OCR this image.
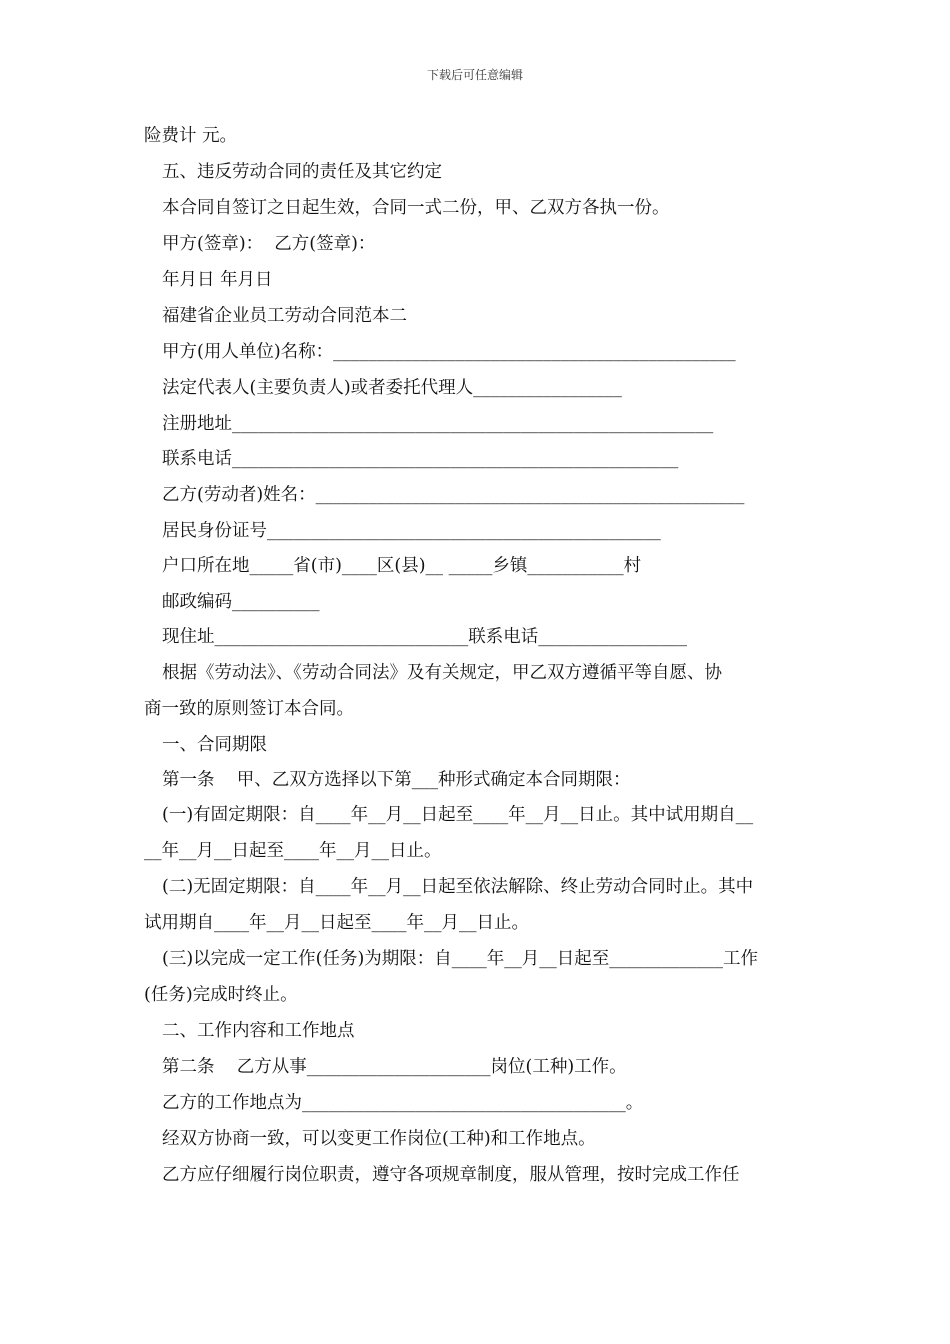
下载后可任意编辑
险费计 元。
五、违反劳动合同的责任及其它约定
本合同自签订之日起生效，合同一式二份，甲、乙双方各执一份。
甲方(签章)：  乙方(签章)：
年月日 年月日
福建省企业员工劳动合同范本二
甲方(用人单位)名称：______________________________________________
法定代表人(主要负责人)或者委托代理人_________________
注册地址_______________________________________________________
联系电话___________________________________________________
乙方(劳动者)姓名：_________________________________________________
居民身份证号_____________________________________________
户口所在地_____省(市)____区(县)__ _____乡镇___________村
邮政编码__________
现住址_____________________________联系电话_________________
根据《劳动法》、《劳动合同法》及有关规定，甲乙双方遵循平等自愿、协
商一致的原则签订本合同。
一、合同期限
第一条    甲、乙双方选择以下第___种形式确定本合同期限：
(一)有固定期限：自____年__月__日起至____年__月__日止。其中试用期自__
__年__月__日起至____年__月__日止。
(二)无固定期限：自____年__月__日起至依法解除、终止劳动合同时止。其中
试用期自____年__月__日起至____年__月__日止。
(三)以完成一定工作(任务)为期限：自____年__月__日起至_____________工作
(任务)完成时终止。
二、工作内容和工作地点
第二条    乙方从事_____________________岗位(工种)工作。
乙方的工作地点为_____________________________________。
经双方协商一致，可以变更工作岗位(工种)和工作地点。
乙方应仔细履行岗位职责，遵守各项规章制度，服从管理，按时完成工作任
